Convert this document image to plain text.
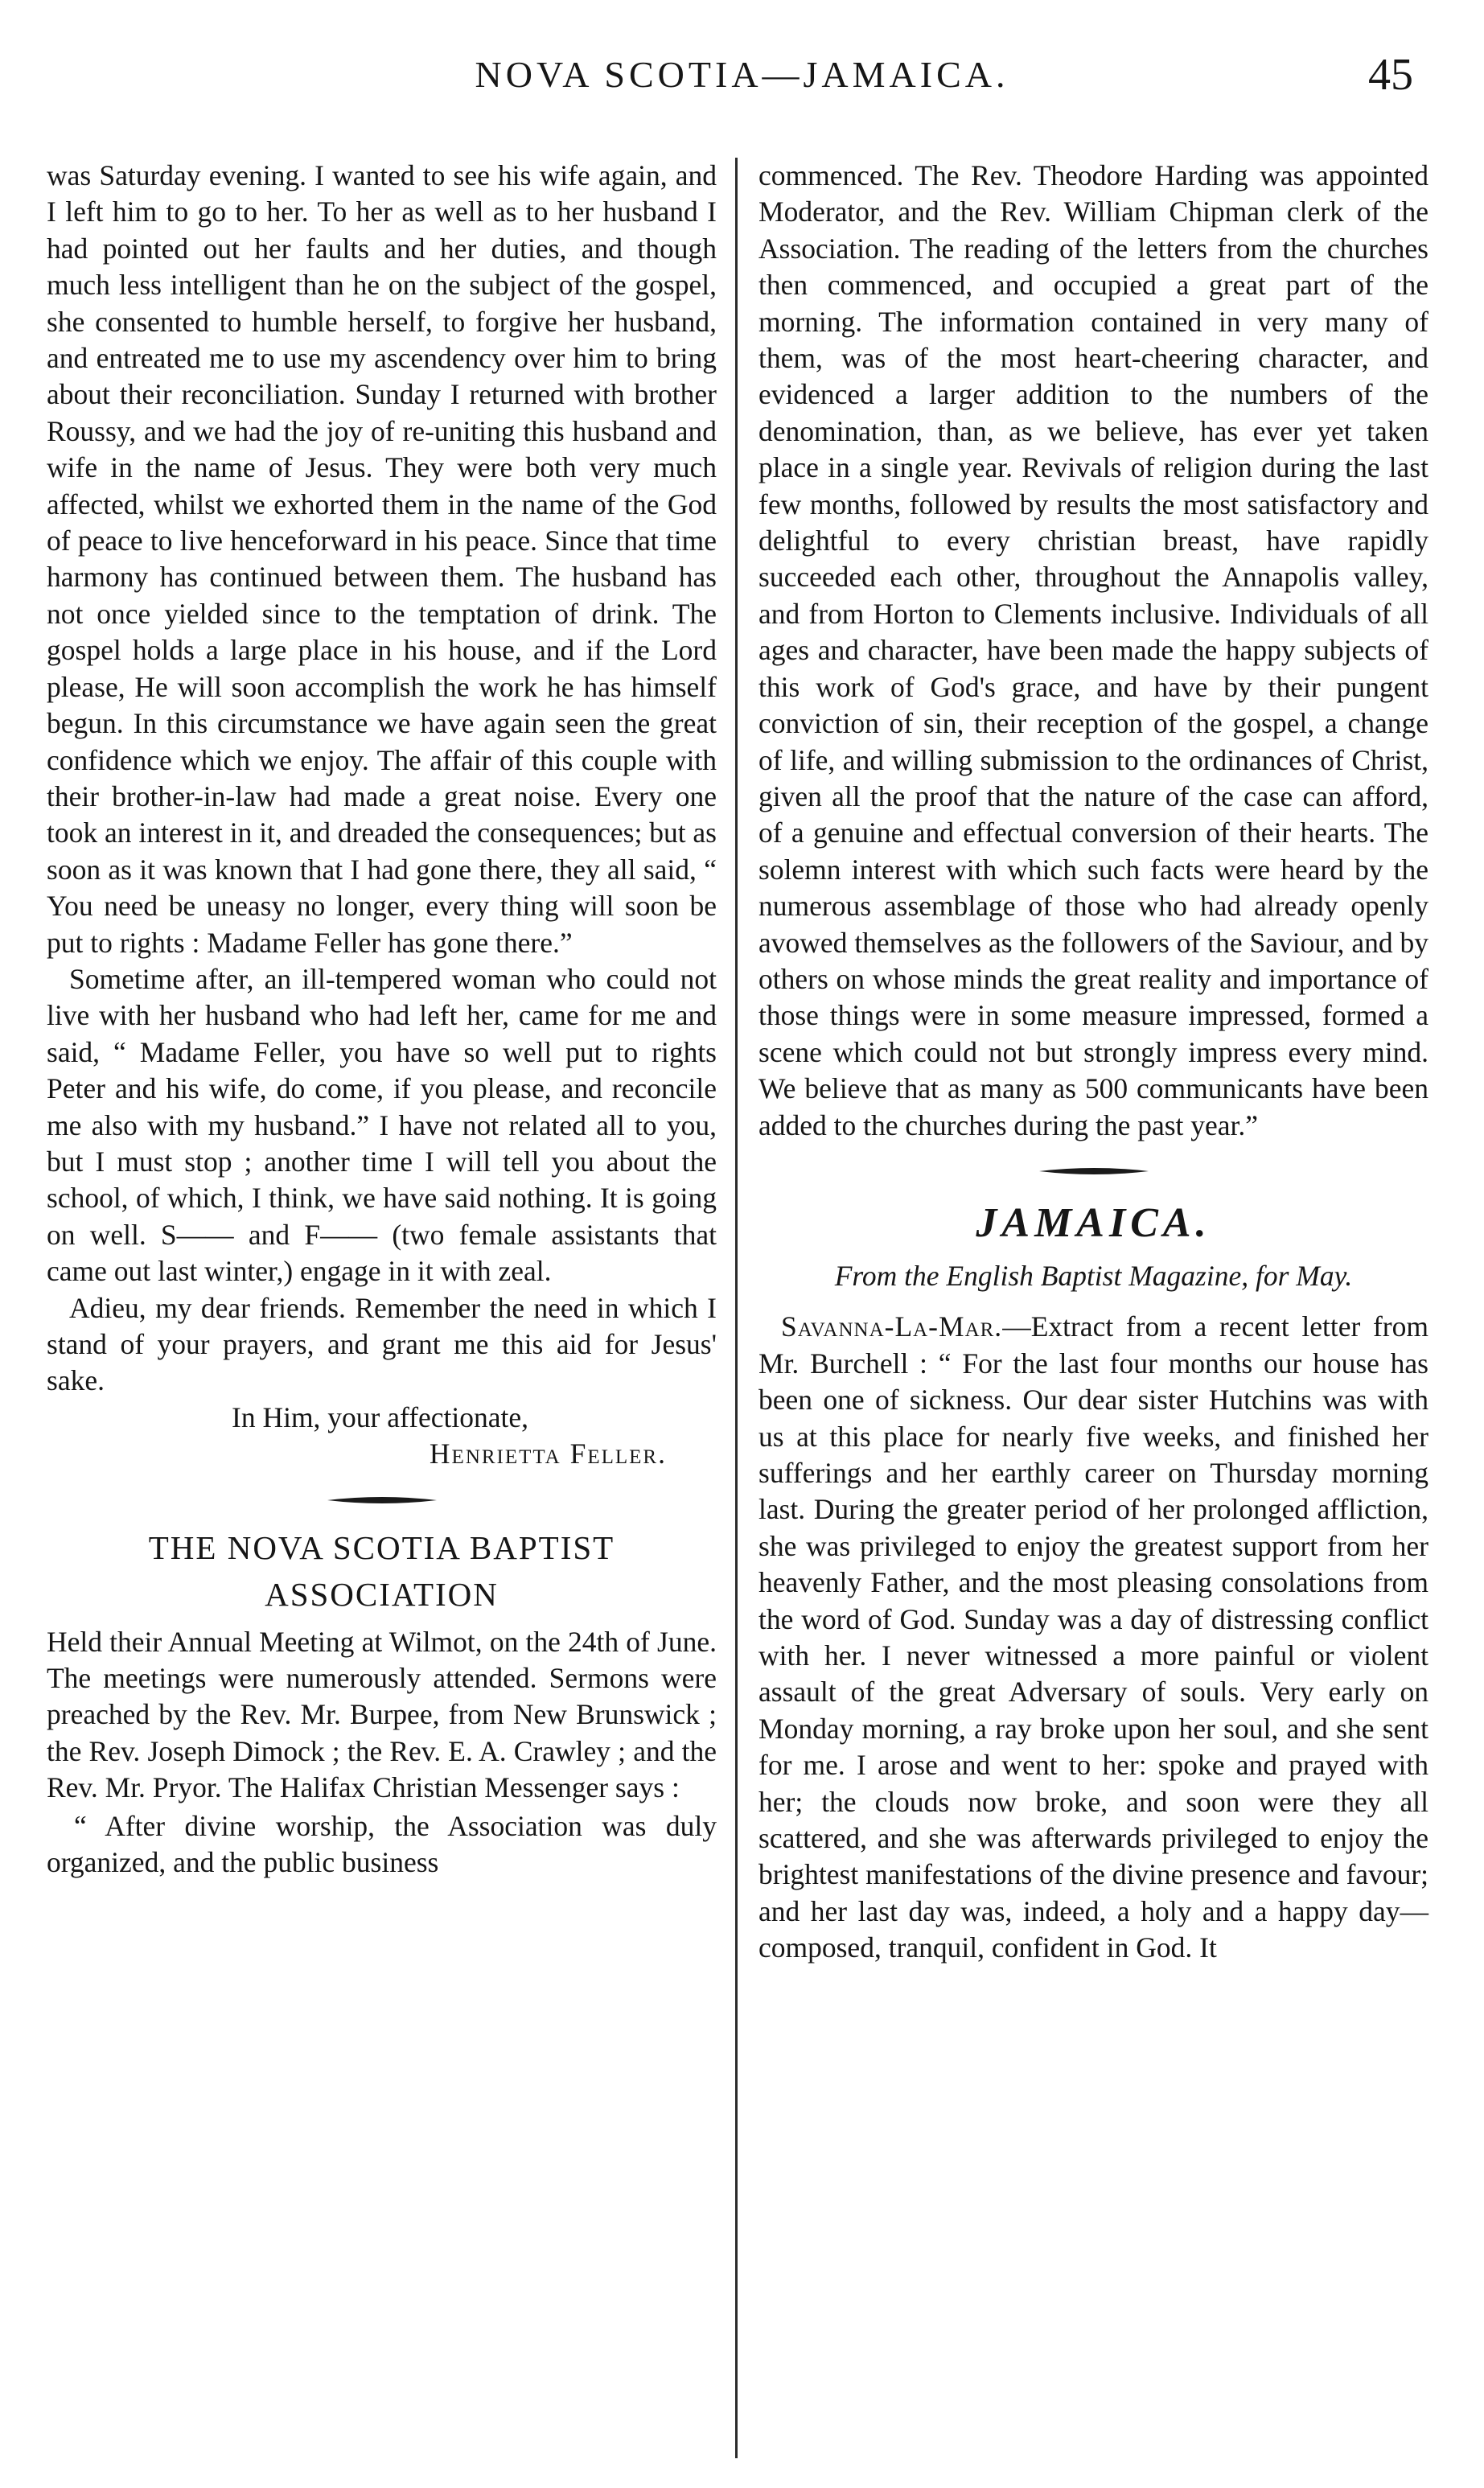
NOVA SCOTIA—JAMAICA.	45

was Saturday evening. I wanted to see his wife again, and I left him to go to her. To her as well as to her husband I had pointed out her faults and her duties, and though much less intelligent than he on the subject of the gospel, she consented to humble herself, to forgive her husband, and entreated me to use my ascendency over him to bring about their reconciliation. Sunday I returned with brother Roussy, and we had the joy of re-uniting this husband and wife in the name of Jesus. They were both very much affected, whilst we exhorted them in the name of the God of peace to live henceforward in his peace. Since that time harmony has continued between them. The husband has not once yielded since to the temptation of drink. The gospel holds a large place in his house, and if the Lord please, He will soon accomplish the work he has himself begun. In this circumstance we have again seen the great confidence which we enjoy. The affair of this couple with their brother-in-law had made a great noise. Every one took an interest in it, and dreaded the consequences; but as soon as it was known that I had gone there, they all said, “ You need be uneasy no longer, every thing will soon be put to rights : Madame Feller has gone there.”

Sometime after, an ill-tempered woman who could not live with her husband who had left her, came for me and said, “ Madame Feller, you have so well put to rights Peter and his wife, do come, if you please, and reconcile me also with my husband.” I have not related all to you, but I must stop ; another time I will tell you about the school, of which, I think, we have said nothing. It is going on well. S—— and F—— (two female assistants that came out last winter,) engage in it with zeal.

Adieu, my dear friends. Remember the need in which I stand of your prayers, and grant me this aid for Jesus' sake.

In Him, your affectionate,

Henrietta Feller.

THE NOVA SCOTIA BAPTIST
ASSOCIATION

Held their Annual Meeting at Wilmot, on the 24th of June. The meetings were numerously attended. Sermons were preached by the Rev. Mr. Burpee, from New Brunswick ; the Rev. Joseph Dimock ; the Rev. E. A. Crawley ; and the Rev. Mr. Pryor. The Halifax Christian Messenger says :

“ After divine worship, the Association was duly organized, and the public business

commenced. The Rev. Theodore Harding was appointed Moderator, and the Rev. William Chipman clerk of the Association. The reading of the letters from the churches then commenced, and occupied a great part of the morning. The information contained in very many of them, was of the most heart-cheering character, and evidenced a larger addition to the numbers of the denomination, than, as we believe, has ever yet taken place in a single year. Revivals of religion during the last few months, followed by results the most satisfactory and delightful to every christian breast, have rapidly succeeded each other, throughout the Annapolis valley, and from Horton to Clements inclusive. Individuals of all ages and character, have been made the happy subjects of this work of God's grace, and have by their pungent conviction of sin, their reception of the gospel, a change of life, and willing submission to the ordinances of Christ, given all the proof that the nature of the case can afford, of a genuine and effectual conversion of their hearts. The solemn interest with which such facts were heard by the numerous assemblage of those who had already openly avowed themselves as the followers of the Saviour, and by others on whose minds the great reality and importance of those things were in some measure impressed, formed a scene which could not but strongly impress every mind. We believe that as many as 500 communicants have been added to the churches during the past year.”

JAMAICA.

From the English Baptist Magazine, for May.

Savanna-La-Mar.—Extract from a recent letter from Mr. Burchell : “ For the last four months our house has been one of sickness. Our dear sister Hutchins was with us at this place for nearly five weeks, and finished her sufferings and her earthly career on Thursday morning last. During the greater period of her prolonged affliction, she was privileged to enjoy the greatest support from her heavenly Father, and the most pleasing consolations from the word of God. Sunday was a day of distressing conflict with her. I never witnessed a more painful or violent assault of the great Adversary of souls. Very early on Monday morning, a ray broke upon her soul, and she sent for me. I arose and went to her: spoke and prayed with her; the clouds now broke, and soon were they all scattered, and she was afterwards privileged to enjoy the brightest manifestations of the divine presence and favour; and her last day was, indeed, a holy and a happy day—composed, tranquil, confident in God. It
